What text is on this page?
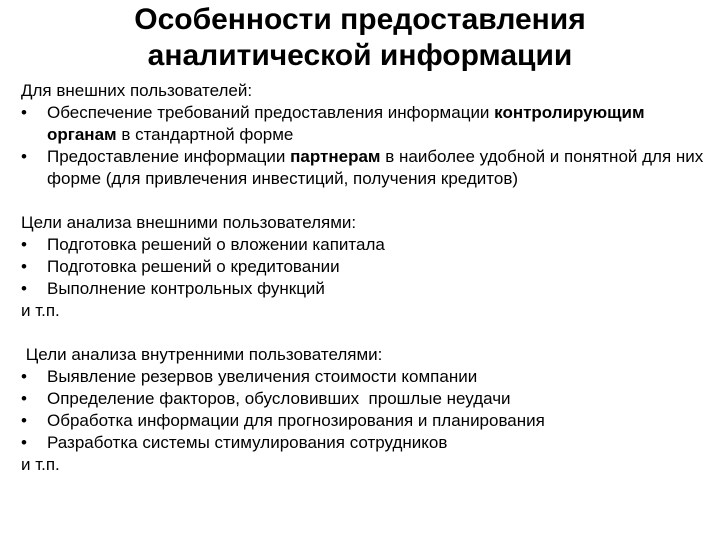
Особенности предоставления
аналитической информации

Для внешних пользователей:

•	Обеспечение требований предоставления информации контролирующим органам в стандартной форме
•	Предоставление информации партнерам в наиболее удобной и понятной для них форме (для привлечения инвестиций, получения кредитов)

Цели анализа внешними пользователями:

•	Подготовка решений о вложении капитала
•	Подготовка решений о кредитовании
•	Выполнение контрольных функций

и т.п.

Цели анализа внутренними пользователями:

•	Выявление резервов увеличения стоимости компании
•	Определение факторов, обусловивших  прошлые неудачи
•	Обработка информации для прогнозирования и планирования
•	Разработка системы стимулирования сотрудников

и т.п.
